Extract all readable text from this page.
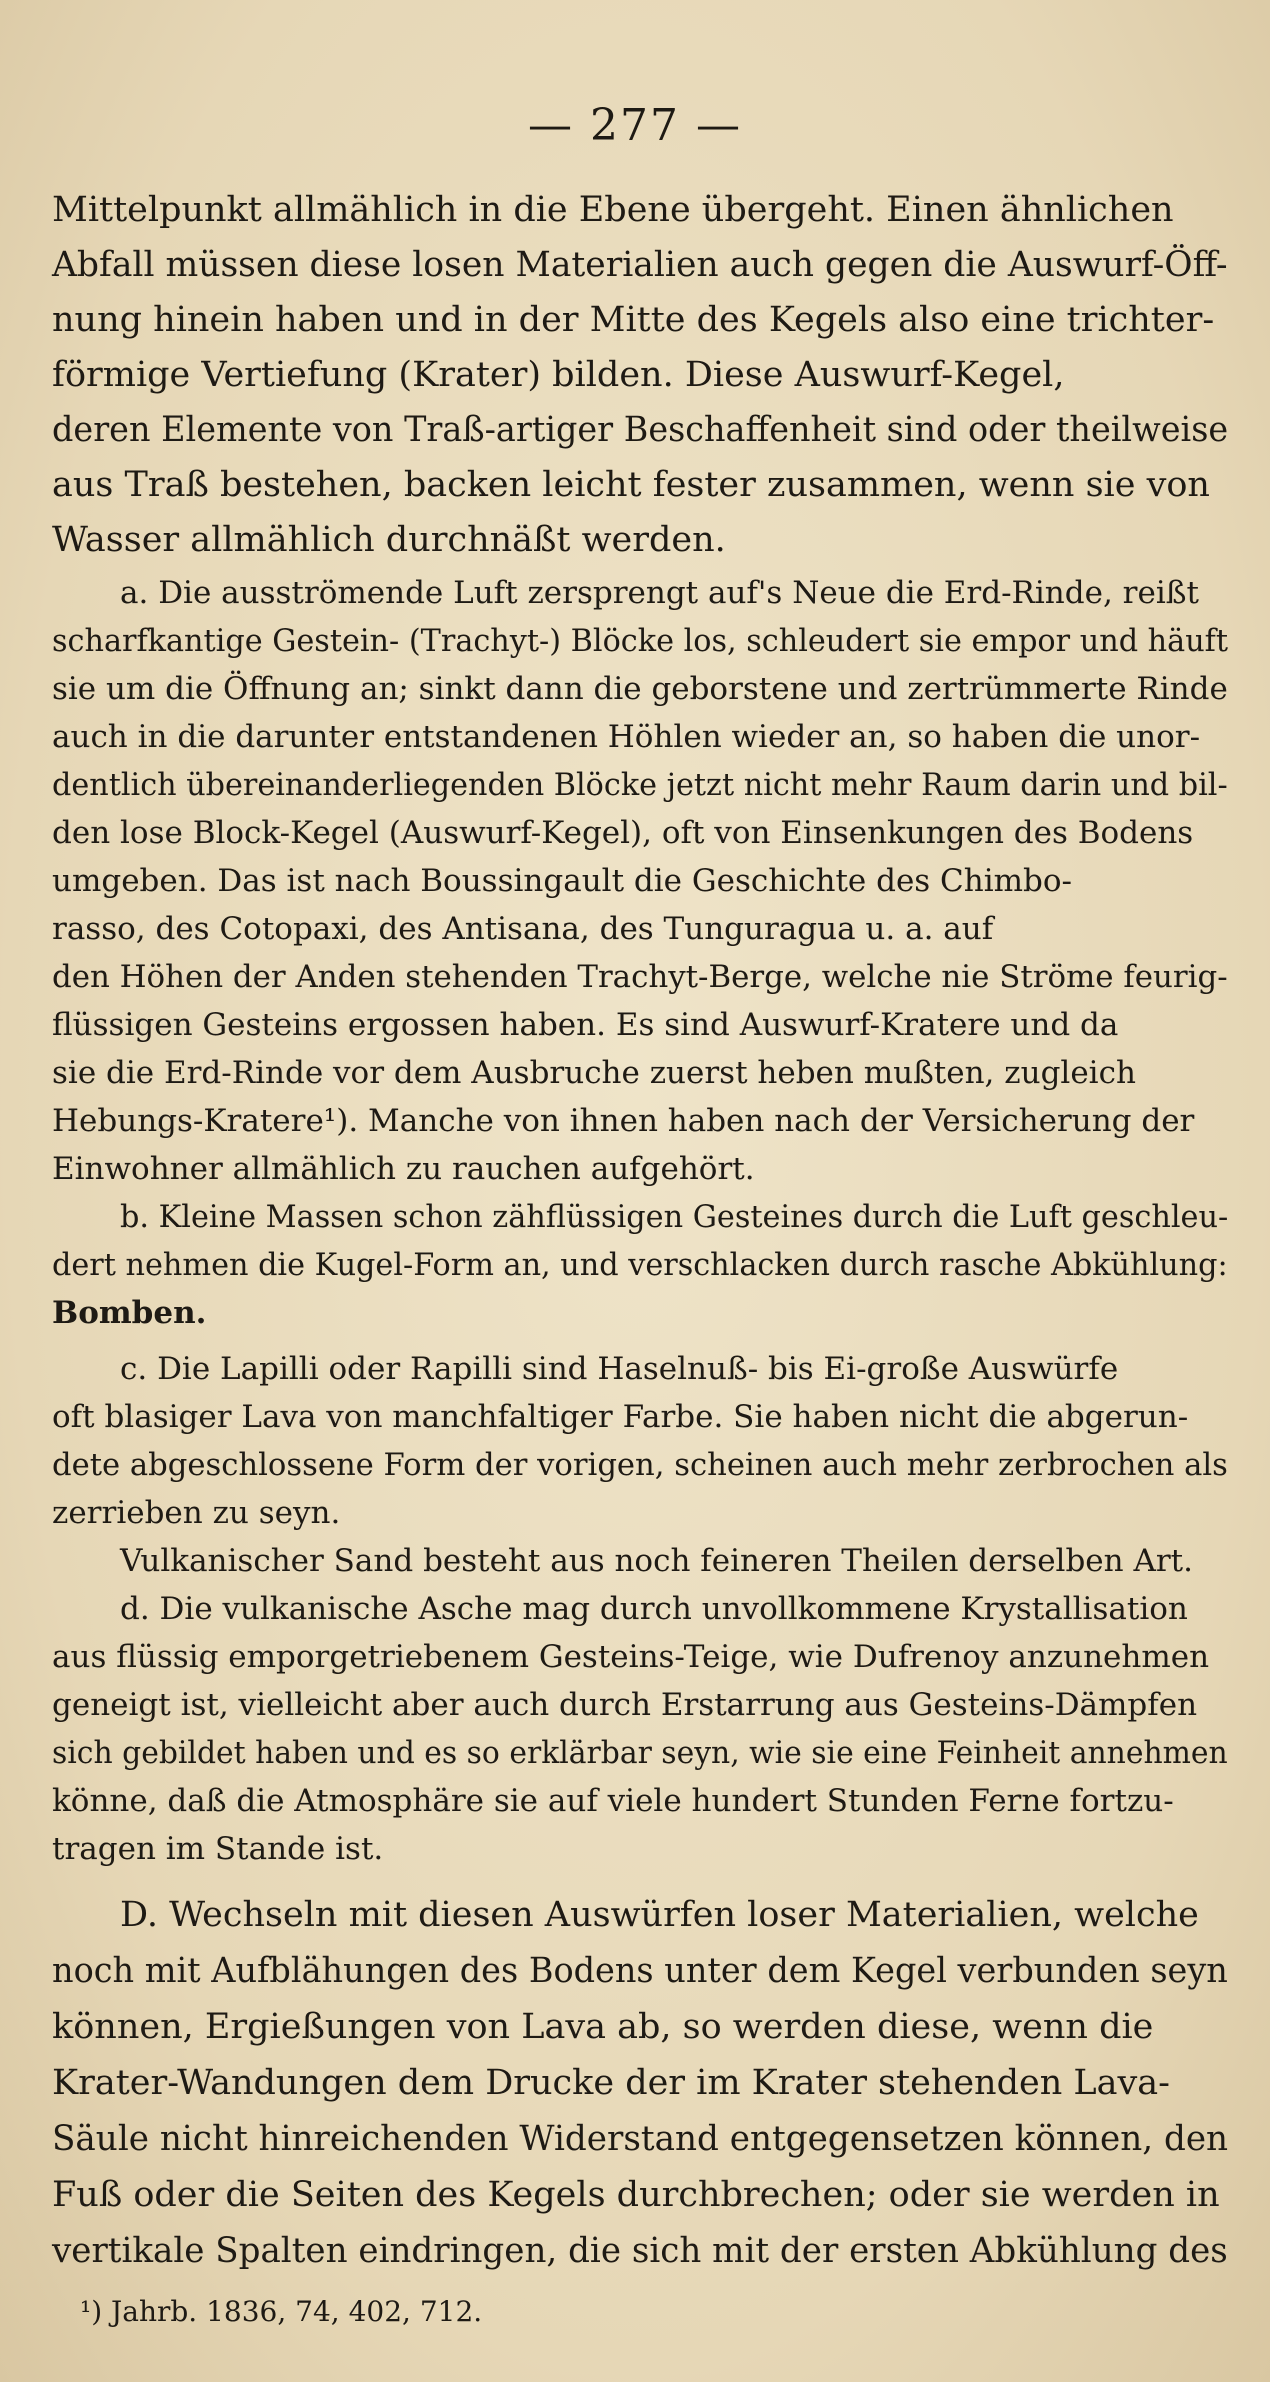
— 277 —

Mittelpunkt allmählich in die Ebene übergeht. Einen ähnlichen

Abfall müssen diese losen Materialien auch gegen die Auswurf-Öff-

nung hinein haben und in der Mitte des Kegels also eine trichter-

förmige Vertiefung (Krater) bilden. Diese Auswurf-Kegel,

deren Elemente von Traß-artiger Beschaffenheit sind oder theilweise

aus Traß bestehen, backen leicht fester zusammen, wenn sie von

Wasser allmählich durchnäßt werden.

a. Die ausströmende Luft zersprengt auf's Neue die Erd-Rinde, reißt

scharfkantige Gestein- (Trachyt-) Blöcke los, schleudert sie empor und häuft

sie um die Öffnung an; sinkt dann die geborstene und zertrümmerte Rinde

auch in die darunter entstandenen Höhlen wieder an, so haben die unor-

dentlich übereinanderliegenden Blöcke jetzt nicht mehr Raum darin und bil-

den lose Block-Kegel (Auswurf-Kegel), oft von Einsenkungen des Bodens

umgeben. Das ist nach Boussingault die Geschichte des Chimbo-

rasso, des Cotopaxi, des Antisana, des Tunguragua u. a. auf

den Höhen der Anden stehenden Trachyt-Berge, welche nie Ströme feurig-

flüssigen Gesteins ergossen haben. Es sind Auswurf-Kratere und da

sie die Erd-Rinde vor dem Ausbruche zuerst heben mußten, zugleich

Hebungs-Kratere¹). Manche von ihnen haben nach der Versicherung der

Einwohner allmählich zu rauchen aufgehört.

b. Kleine Massen schon zähflüssigen Gesteines durch die Luft geschleu-

dert nehmen die Kugel-Form an, und verschlacken durch rasche Abkühlung:

Bomben.

c. Die Lapilli oder Rapilli sind Haselnuß- bis Ei-große Auswürfe

oft blasiger Lava von manchfaltiger Farbe. Sie haben nicht die abgerun-

dete abgeschlossene Form der vorigen, scheinen auch mehr zerbrochen als

zerrieben zu seyn.

Vulkanischer Sand besteht aus noch feineren Theilen derselben Art.

d. Die vulkanische Asche mag durch unvollkommene Krystallisation

aus flüssig emporgetriebenem Gesteins-Teige, wie Dufrenoy anzunehmen

geneigt ist, vielleicht aber auch durch Erstarrung aus Gesteins-Dämpfen

sich gebildet haben und es so erklärbar seyn, wie sie eine Feinheit annehmen

könne, daß die Atmosphäre sie auf viele hundert Stunden Ferne fortzu-

tragen im Stande ist.

D. Wechseln mit diesen Auswürfen loser Materialien, welche

noch mit Aufblähungen des Bodens unter dem Kegel verbunden seyn

können, Ergießungen von Lava ab, so werden diese, wenn die

Krater-Wandungen dem Drucke der im Krater stehenden Lava-

Säule nicht hinreichenden Widerstand entgegensetzen können, den

Fuß oder die Seiten des Kegels durchbrechen; oder sie werden in

vertikale Spalten eindringen, die sich mit der ersten Abkühlung des

¹) Jahrb. 1836, 74, 402, 712.
